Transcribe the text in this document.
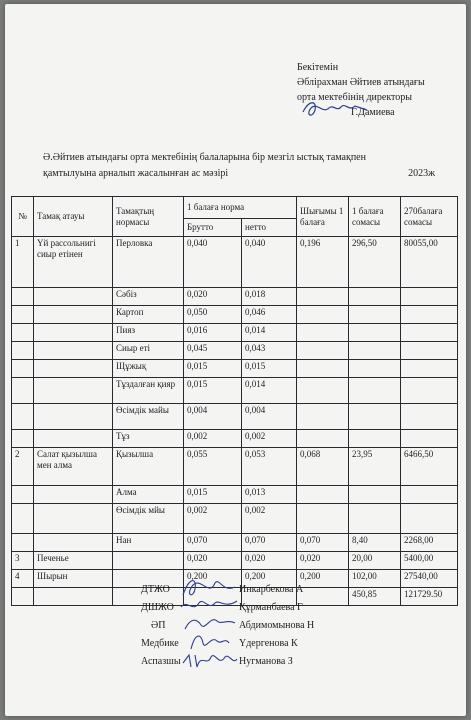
Бекітемін
Әблірахман Әйтиев атындағы
орта мектебінің директоры
Г.Дамиева
Ә.Әйтиев атындағы орта мектебінің балаларына бір мезгіл ыстық тамақпен
қамтылуына арналып жасалынған ас мәзірі	2023ж
№	Тамақ атауы	Тамақтың нормасы	1 балаға норма		Шығымы 1 балаға	1 балаға сомасы	270балаға сомасы
			Брутто	нетто			
1	Үй рассольнигі сиыр етінен	Перловка	0,040	0,040	0,196	296,50	80055,00
		Сәбіз	0,020	0,018			
		Картоп	0,050	0,046			
		Пияз	0,016	0,014			
		Сиыр еті	0,045	0,043			
		Щұжық	0,015	0,015			
		Тұздалған қияр	0,015	0,014			
		Өсімдік майы	0,004	0,004			
		Тұз	0,002	0,002			
2	Салат қызылша мен алма	Қызылша	0,055	0,053	0,068	23,95	6466,50
		Алма	0,015	0,013			
		Өсімдік мйы	0,002	0,002			
		Нан	0,070	0,070	0,070	8,40	2268,00
3	Печенье		0,020	0,020	0,020	20,00	5400,00
4	Шырын		0,200	0,200	0,200	102,00	27540,00
						450,85	121729.50
ДТЖО	Инкарбекова А
ДШЖО	Құрманбаева Г
ӘП	Абдимомынова Н
Медбике	Үдергенова К
Аспазшы	Нугманова З
